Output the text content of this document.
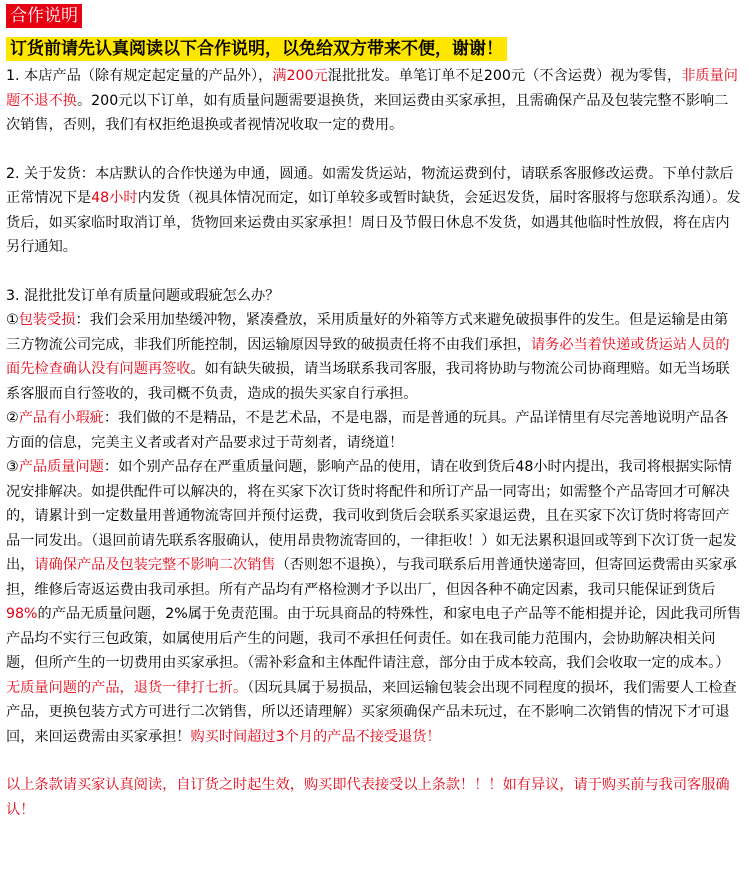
合作说明
订货前请先认真阅读以下合作说明，以免给双方带来不便，谢谢！

1. 本店产品（除有规定起定量的产品外），满200元混批批发。单笔订单不足200元（不含运费）视为零售，非质量问题不退不换。200元以下订单，如有质量问题需要退换货，来回运费由买家承担，且需确保产品及包装完整不影响二次销售，否则，我们有权拒绝退换或者视情况收取一定的费用。

2. 关于发货：本店默认的合作快递为申通，圆通。如需发货运站，物流运费到付，请联系客服修改运费。下单付款后正常情况下是48小时内发货（视具体情况而定，如订单较多或暂时缺货，会延迟发货，届时客服将与您联系沟通）。发货后，如买家临时取消订单，货物回来运费由买家承担！周日及节假日休息不发货，如遇其他临时性放假，将在店内另行通知。

3. 混批批发订单有质量问题或瑕疵怎么办？

①包装受损：我们会采用加垫缓冲物，紧凑叠放，采用质量好的外箱等方式来避免破损事件的发生。但是运输是由第三方物流公司完成，非我们所能控制，因运输原因导致的破损责任将不由我们承担，请务必当着快递或货运站人员的面先检查确认没有问题再签收。如有缺失破损，请当场联系我司客服，我司将协助与物流公司协商理赔。如无当场联系客服而自行签收的，我司概不负责，造成的损失买家自行承担。

②产品有小瑕疵：我们做的不是精品，不是艺术品，不是电器，而是普通的玩具。产品详情里有尽完善地说明产品各方面的信息，完美主义者或者对产品要求过于苛刻者，请绕道！

③产品质量问题：如个别产品存在严重质量问题，影响产品的使用，请在收到货后48小时内提出，我司将根据实际情况安排解决。如提供配件可以解决的，将在买家下次订货时将配件和所订产品一同寄出；如需整个产品寄回才可解决的，请累计到一定数量用普通物流寄回并预付运费，我司收到货后会联系买家退运费，且在买家下次订货时将寄回产品一同发出。（退回前请先联系客服确认，使用昂贵物流寄回的，一律拒收！）如无法累积退回或等到下次订货一起发出，请确保产品及包装完整不影响二次销售（否则恕不退换），与我司联系后用普通快递寄回，但寄回运费需由买家承担，维修后寄返运费由我司承担。所有产品均有严格检测才予以出厂，但因各种不确定因素，我司只能保证到货后98%的产品无质量问题，2%属于免责范围。由于玩具商品的特殊性，和家电电子产品等不能相提并论，因此我司所售产品均不实行三包政策，如属使用后产生的问题，我司不承担任何责任。如在我司能力范围内，会协助解决相关问题，但所产生的一切费用由买家承担。（需补彩盒和主体配件请注意，部分由于成本较高，我们会收取一定的成本。）无质量问题的产品，退货一律打七折。（因玩具属于易损品，来回运输包装会出现不同程度的损坏，我们需要人工检查产品，更换包装方式方可进行二次销售，所以还请理解）买家须确保产品未玩过，在不影响二次销售的情况下才可退回，来回运费需由买家承担！购买时间超过3个月的产品不接受退货！

以上条款请买家认真阅读，自订货之时起生效，购买即代表接受以上条款！！！如有异议，请于购买前与我司客服确认！
